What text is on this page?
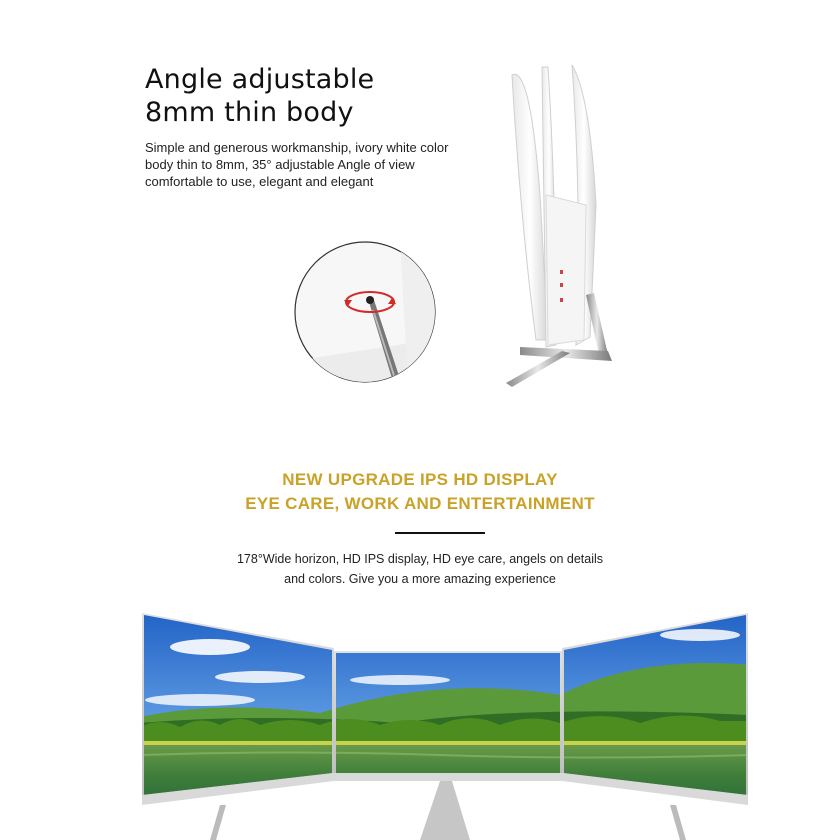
Angle adjustable
8mm thin body
Simple and generous workmanship, ivory white color
body thin to 8mm, 35° adjustable Angle of view
comfortable to use, elegant and elegant
NEW UPGRADE IPS HD DISPLAY
EYE CARE, WORK AND ENTERTAINMENT
178°Wide horizon, HD IPS display, HD eye care, angels on details
and colors. Give you a more amazing experience
